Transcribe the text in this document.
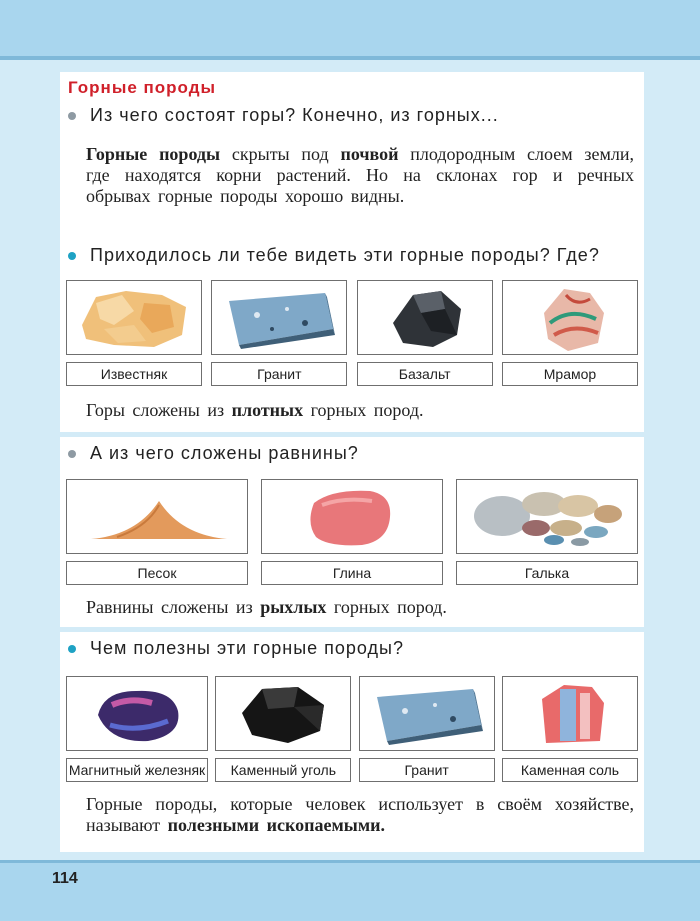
Горные породы
Из чего состоят горы? Конечно, из горных...
Горные породы скрыты под почвой плодородным слоем земли, где находятся корни растений. Но на склонах гор и речных обрывах горные породы хорошо видны.
Приходилось ли тебе видеть эти горные породы? Где?
Известняк	Гранит	Базальт	Мрамор
Горы сложены из плотных горных пород.
А из чего сложены равнины?
Песок	Глина	Галька
Равнины сложены из рыхлых горных пород.
Чем полезны эти горные породы?
Магнитный железняк	Каменный уголь	Гранит	Каменная соль
Горные породы, которые человек использует в своём хозяйстве, называют полезными ископаемыми.
114
